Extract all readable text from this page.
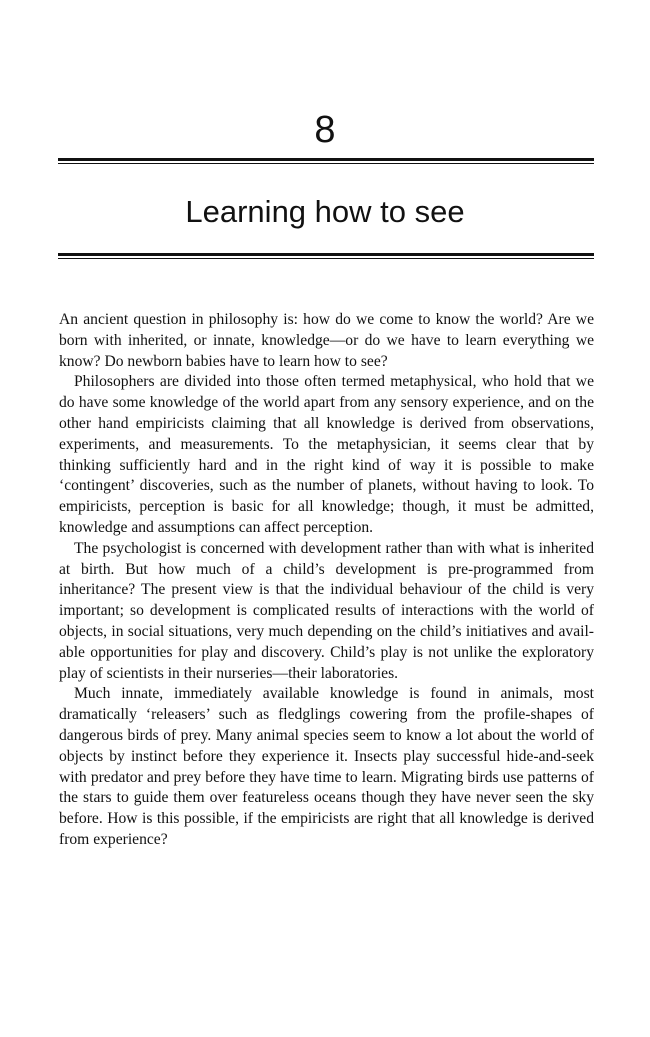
8
Learning how to see

An ancient question in philosophy is: how do we come to know the world? Are we born with inherited, or innate, knowledge—or do we have to learn everything we know? Do newborn babies have to learn how to see?

Philosophers are divided into those often termed metaphysical, who hold that we do have some knowledge of the world apart from any sensory experience, and on the other hand empiricists claiming that all knowledge is derived from observations, experiments, and measurements. To the metaphysician, it seems clear that by thinking sufficiently hard and in the right kind of way it is possible to make ‘contingent’ discoveries, such as the number of planets, without having to look. To empiricists, perception is basic for all knowledge; though, it must be admitted, knowledge and assumptions can affect perception.

The psychologist is concerned with development rather than with what is inherited at birth. But how much of a child’s development is pre-programmed from inheritance? The present view is that the individual behaviour of the child is very important; so development is complicated results of interactions with the world of objects, in social situations, very much depending on the child’s initiatives and available opportunities for play and discovery. Child’s play is not unlike the exploratory play of scientists in their nurseries—their laboratories.

Much innate, immediately available knowledge is found in animals, most dramatically ‘releasers’ such as fledglings cowering from the profile-shapes of dangerous birds of prey. Many animal species seem to know a lot about the world of objects by instinct before they experience it. Insects play successful hide-and-seek with predator and prey before they have time to learn. Migrating birds use patterns of the stars to guide them over featureless oceans though they have never seen the sky before. How is this possible, if the empiricists are right that all knowledge is derived from experience?
